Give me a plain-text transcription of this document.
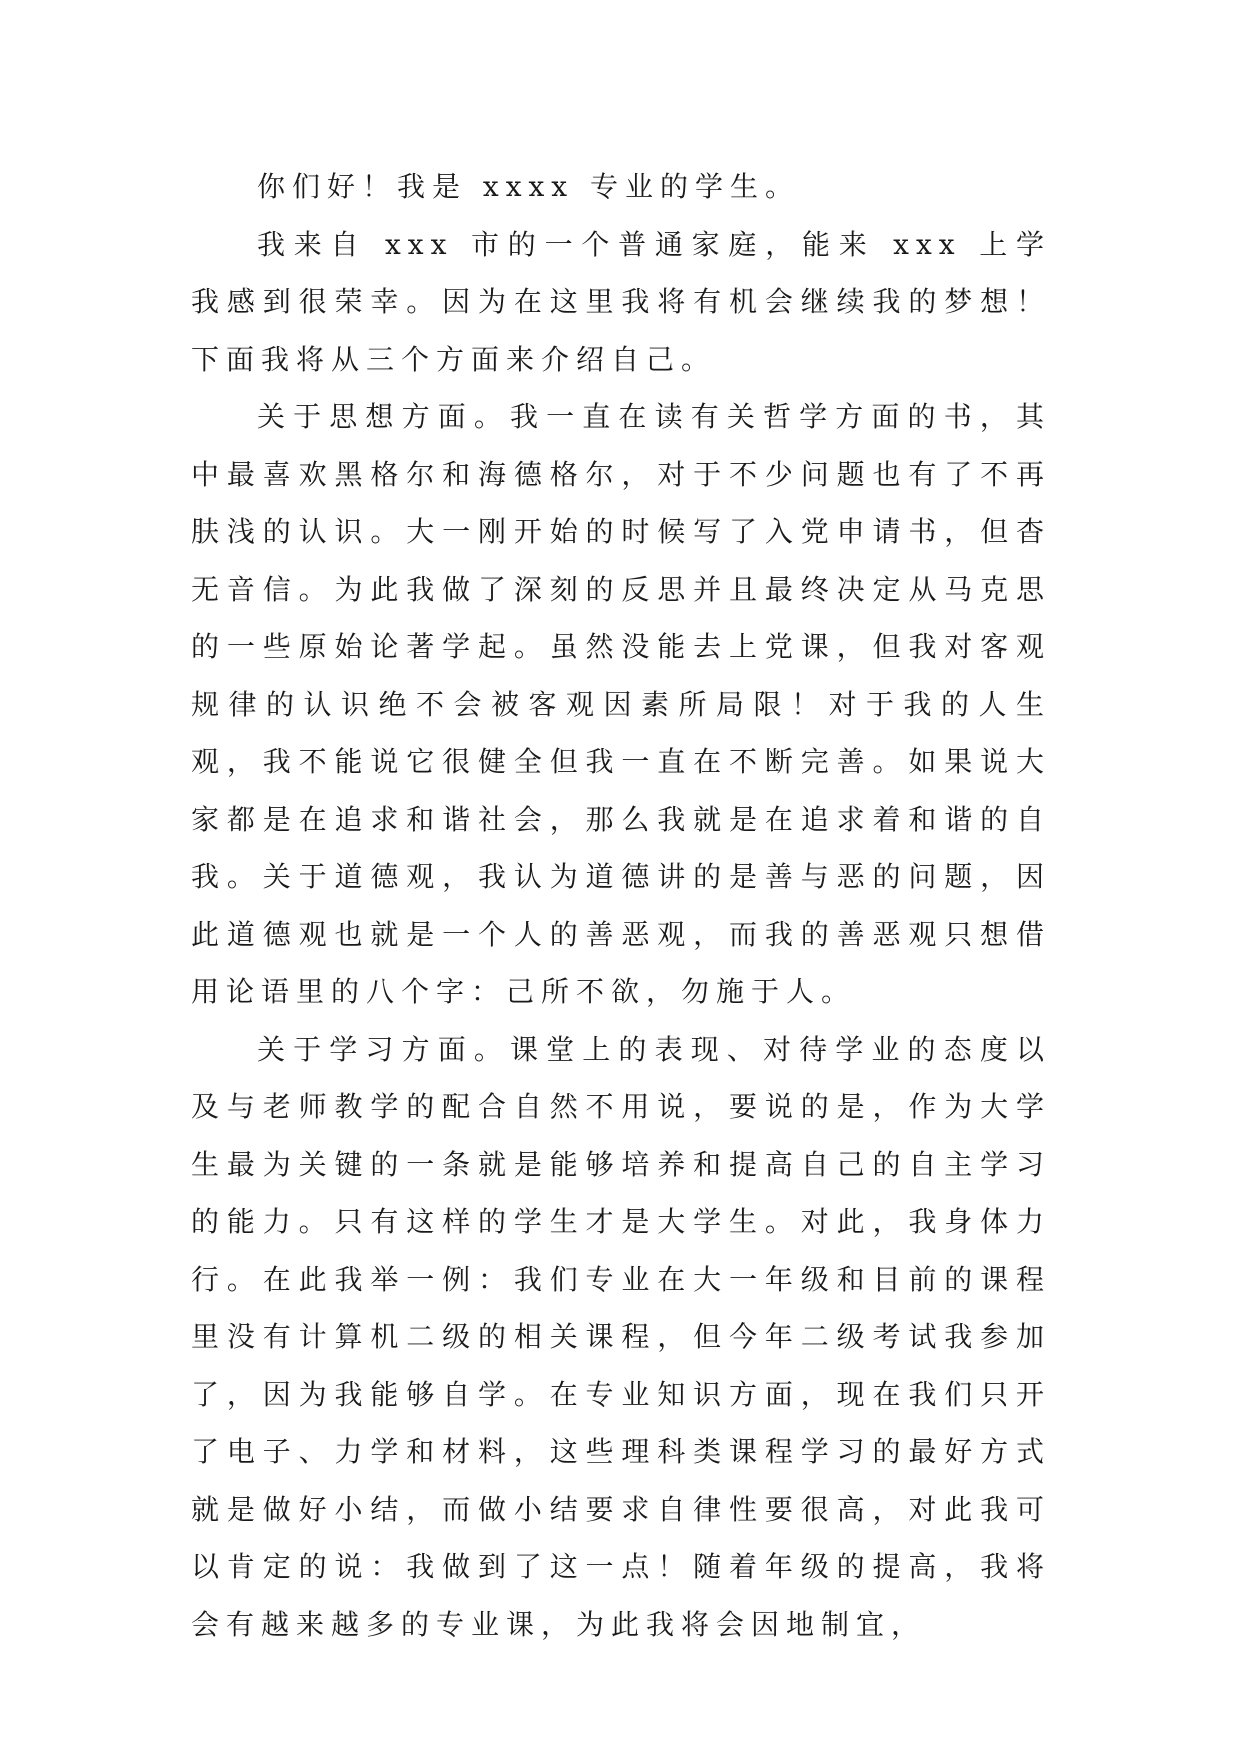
你们好！我是 xxxx 专业的学生。

我来自 xxx 市的一个普通家庭，能来 xxx 上学我感到很荣幸。因为在这里我将有机会继续我的梦想！下面我将从三个方面来介绍自己。

关于思想方面。我一直在读有关哲学方面的书，其中最喜欢黑格尔和海德格尔，对于不少问题也有了不再肤浅的认识。大一刚开始的时候写了入党申请书，但杳无音信。为此我做了深刻的反思并且最终决定从马克思的一些原始论著学起。虽然没能去上党课，但我对客观规律的认识绝不会被客观因素所局限！对于我的人生观，我不能说它很健全但我一直在不断完善。如果说大家都是在追求和谐社会，那么我就是在追求着和谐的自我。关于道德观，我认为道德讲的是善与恶的问题，因此道德观也就是一个人的善恶观，而我的善恶观只想借用论语里的八个字：己所不欲，勿施于人。

关于学习方面。课堂上的表现、对待学业的态度以及与老师教学的配合自然不用说，要说的是，作为大学生最为关键的一条就是能够培养和提高自己的自主学习的能力。只有这样的学生才是大学生。对此，我身体力行。在此我举一例：我们专业在大一年级和目前的课程里没有计算机二级的相关课程，但今年二级考试我参加了，因为我能够自学。在专业知识方面，现在我们只开了电子、力学和材料，这些理科类课程学习的最好方式就是做好小结，而做小结要求自律性要很高，对此我可以肯定的说：我做到了这一点！随着年级的提高，我将会有越来越多的专业课，为此我将会因地制宜，
